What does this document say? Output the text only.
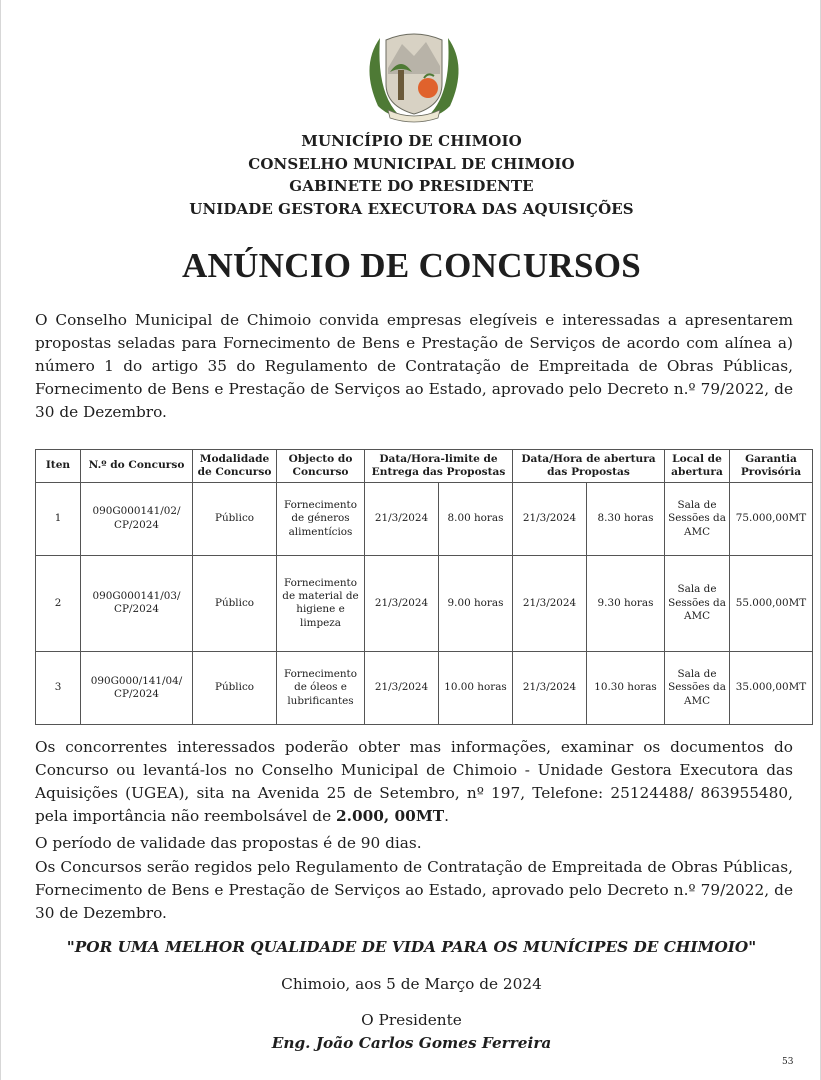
MUNICÍPIO DE CHIMOIO
CONSELHO MUNICIPAL DE CHIMOIO
GABINETE DO PRESIDENTE
UNIDADE GESTORA EXECUTORA DAS AQUISIÇÕES
ANÚNCIO DE CONCURSOS

O Conselho Municipal de Chimoio convida empresas elegíveis e interessadas a apresentarem propostas seladas para Fornecimento de Bens e Prestação de Serviços de acordo com alínea a) número 1 do artigo 35 do Regulamento de Contratação de Empreitada de Obras Públicas, Fornecimento de Bens e Prestação de Serviços ao Estado, aprovado pelo Decreto n.º 79/2022, de 30 de Dezembro.

Iten	N.º do Concurso	Modalidade de Concurso	Objecto do Concurso	Data/Hora-limite de Entrega das Propostas		Data/Hora de abertura das Propostas		Local de abertura	Garantia Provisória
1	090G000141/02/ CP/2024	Público	Fornecimento de géneros alimentícios	21/3/2024	8.00 horas	21/3/2024	8.30 horas	Sala de Sessões da AMC	75.000,00MT
2	090G000141/03/ CP/2024	Público	Fornecimento de material de higiene e limpeza	21/3/2024	9.00 horas	21/3/2024	9.30 horas	Sala de Sessões da AMC	55.000,00MT
3	090G000/141/04/ CP/2024	Público	Fornecimento de óleos e lubrificantes	21/3/2024	10.00 horas	21/3/2024	10.30 horas	Sala de Sessões da AMC	35.000,00MT

Os concorrentes interessados poderão obter mas informações, examinar os documentos do Concurso ou levantá-los no Conselho Municipal de Chimoio - Unidade Gestora Executora das Aquisições (UGEA), sita na Avenida 25 de Setembro, nº 197, Telefone: 25124488/ 863955480, pela importância não reembolsável de 2.000, 00MT.

O período de validade das propostas é de 90 dias.

Os Concursos serão regidos pelo Regulamento de Contratação de Empreitada de Obras Públicas, Fornecimento de Bens e Prestação de Serviços ao Estado, aprovado pelo Decreto n.º 79/2022, de 30 de Dezembro.

"POR UMA MELHOR QUALIDADE DE VIDA PARA OS MUNÍCIPES DE CHIMOIO"
Chimoio, aos 5 de Março de 2024
O Presidente
Eng. João Carlos Gomes Ferreira
53
